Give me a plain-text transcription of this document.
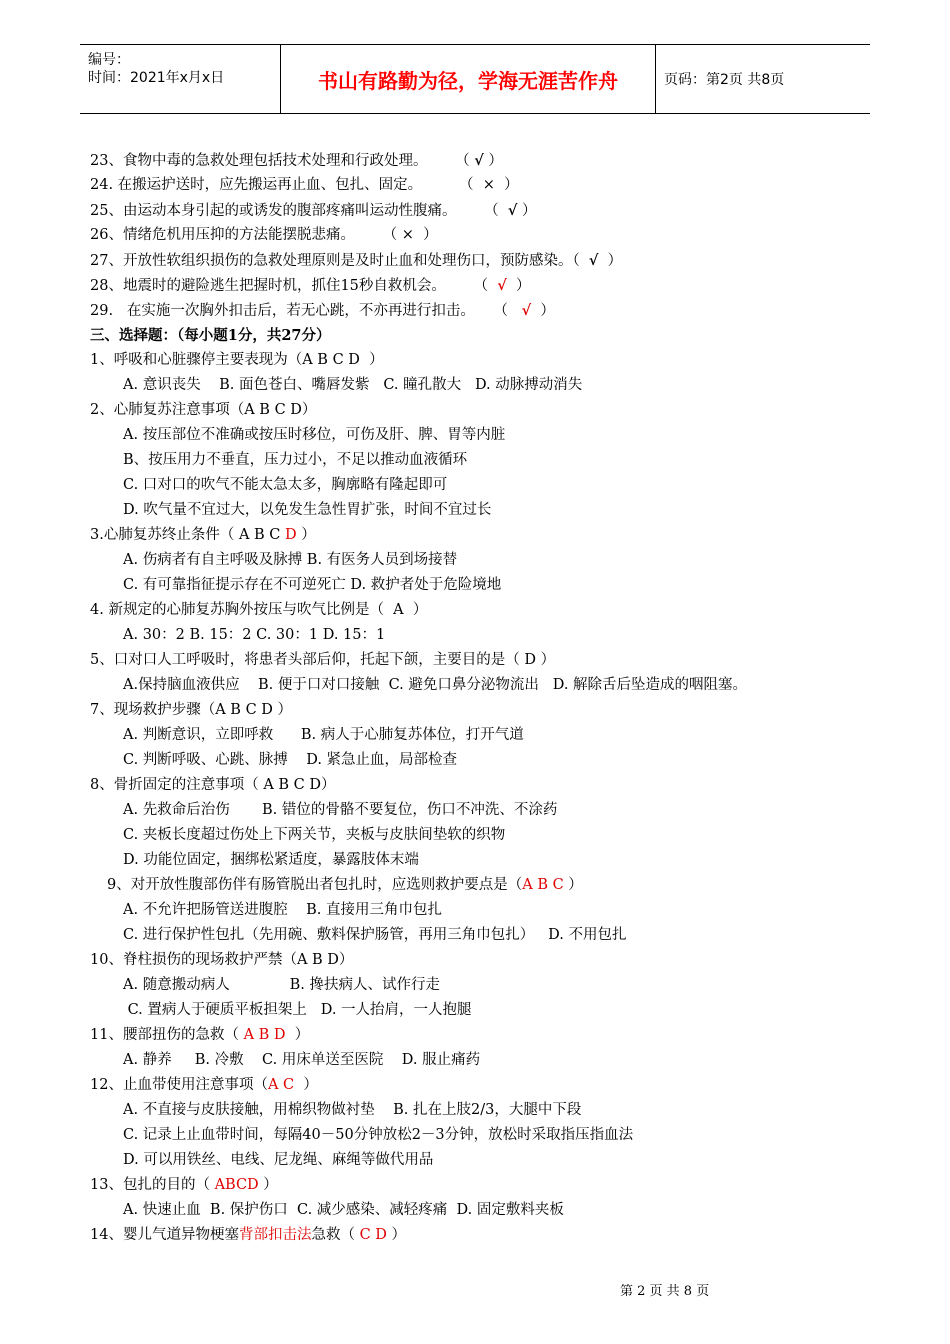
编号：
时间：2021年x月x日	书山有路勤为径，学海无涯苦作舟	页码：第2页 共8页
23、食物中毒的急救处理包括技术处理和行政处理。      （ √ ）
24. 在搬运护送时，应先搬运再止血、包扎、固定。        （  ×  ）
25、由运动本身引起的或诱发的腹部疼痛叫运动性腹痛。      （  √ ）
26、情绪危机用压抑的方法能摆脱悲痛。      （ ×  ）
27、开放性软组织损伤的急救处理原则是及时止血和处理伤口，预防感染。（  √  ）
28、地震时的避险逃生把握时机，抓住15秒自救机会。      （  √  ）
29.   在实施一次胸外扣击后，若无心跳，不亦再进行扣击。    （   √  ）
三、选择题：（每小题1分，共27分）
1、呼吸和心脏骤停主要表现为（A B C D  ）
A. 意识丧失    B. 面色苍白、嘴唇发紫   C. 瞳孔散大   D. 动脉搏动消失
2、心肺复苏注意事项（A B C D）
A. 按压部位不准确或按压时移位，可伤及肝、脾、胃等内脏
B、按压用力不垂直，压力过小，不足以推动血液循环
C. 口对口的吹气不能太急太多，胸廓略有隆起即可
D. 吹气量不宜过大，以免发生急性胃扩张，时间不宜过长
3.心肺复苏终止条件（ A B C D ）
A. 伤病者有自主呼吸及脉搏 B. 有医务人员到场接替
C. 有可靠指征提示存在不可逆死亡 D. 救护者处于危险境地
4. 新规定的心肺复苏胸外按压与吹气比例是（  A  ）
A. 30：2 B. 15：2 C. 30：1 D. 15：1
5、口对口人工呼吸时，将患者头部后仰，托起下颌，主要目的是（ D ）
A.保持脑血液供应    B. 便于口对口接触  C. 避免口鼻分泌物流出   D. 解除舌后坠造成的咽阻塞。
7、现场救护步骤（A B C D ）
A. 判断意识，立即呼救      B. 病人于心肺复苏体位，打开气道
C. 判断呼吸、心跳、脉搏    D. 紧急止血，局部检查
8、骨折固定的注意事项（ A B C D）
A. 先救命后治伤       B. 错位的骨骼不要复位，伤口不冲洗、不涂药
C. 夹板长度超过伤处上下两关节，夹板与皮肤间垫软的织物
D. 功能位固定，捆绑松紧适度，暴露肢体末端
9、对开放性腹部伤伴有肠管脱出者包扎时，应选则救护要点是（A B C ）
A. 不允许把肠管送进腹腔    B. 直接用三角巾包扎
C. 进行保护性包扎（先用碗、敷料保护肠管，再用三角巾包扎）   D. 不用包扎
10、脊柱损伤的现场救护严禁（A B D）
A. 随意搬动病人             B. 搀扶病人、试作行走
C. 置病人于硬质平板担架上   D. 一人抬肩，一人抱腿
11、腰部扭伤的急救（ A B D  ）
A. 静养     B. 冷敷    C. 用床单送至医院    D. 服止痛药
12、止血带使用注意事项（A C  ）
A. 不直接与皮肤接触，用棉织物做衬垫    B. 扎在上肢2/3，大腿中下段
C. 记录上止血带时间，每隔40－50分钟放松2－3分钟，放松时采取指压指血法
D. 可以用铁丝、电线、尼龙绳、麻绳等做代用品
13、包扎的目的（ ABCD ）
A. 快速止血  B. 保护伤口  C. 减少感染、减轻疼痛  D. 固定敷料夹板
14、婴儿气道异物梗塞背部扣击法急救（ C D ）
第 2 页 共 8 页
